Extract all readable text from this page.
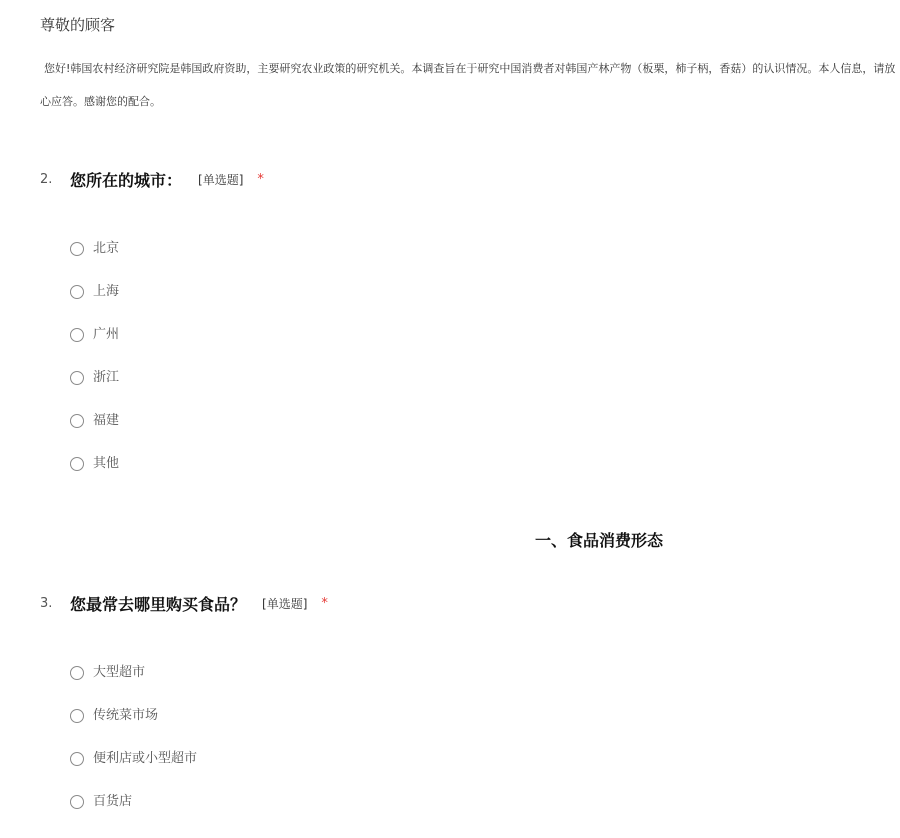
尊敬的顾客
您好!韩国农村经济研究院是韩国政府资助，主要研究农业政策的研究机关。本调查旨在于研究中国消费者对韩国产林产物（板栗，柿子柄，香菇）的认识情况。本人信息，请放心应答。感谢您的配合。
2.	您所在的城市： [单选题] *
北京
上海
广州
浙江
福建
其他
一、食品消费形态
3.	您最常去哪里购买食品？ [单选题] *
大型超市
传统菜市场
便利店或小型超市
百货店
